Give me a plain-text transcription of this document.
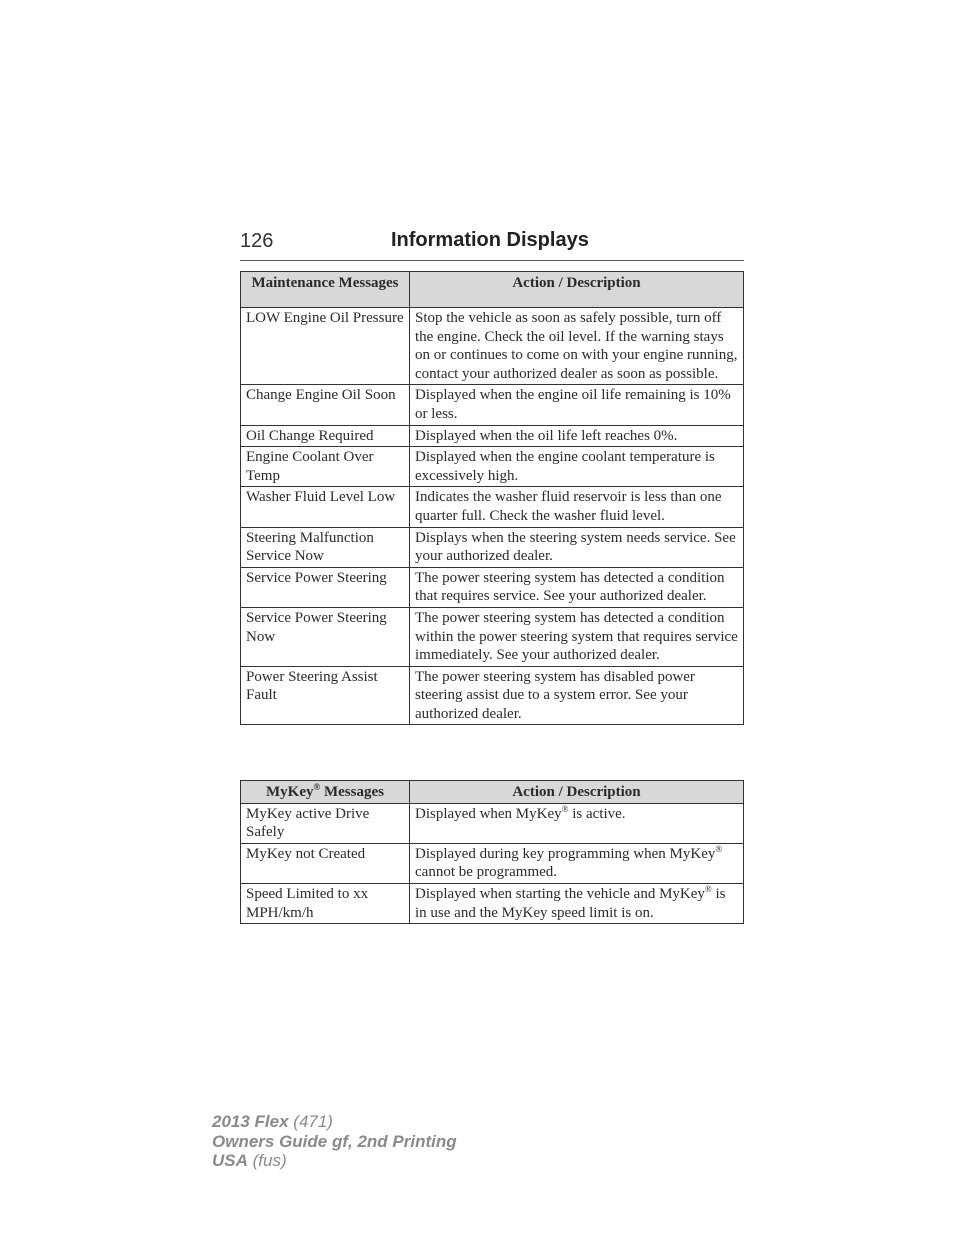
126	Information Displays
Maintenance Messages	Action / Description
LOW Engine Oil Pressure	Stop the vehicle as soon as safely possible, turn off the engine. Check the oil level. If the warning stays on or continues to come on with your engine running, contact your authorized dealer as soon as possible.
Change Engine Oil Soon	Displayed when the engine oil life remaining is 10% or less.
Oil Change Required	Displayed when the oil life left reaches 0%.
Engine Coolant Over Temp	Displayed when the engine coolant temperature is excessively high.
Washer Fluid Level Low	Indicates the washer fluid reservoir is less than one quarter full. Check the washer fluid level.
Steering Malfunction Service Now	Displays when the steering system needs service. See your authorized dealer.
Service Power Steering	The power steering system has detected a condition that requires service. See your authorized dealer.
Service Power Steering Now	The power steering system has detected a condition within the power steering system that requires service immediately. See your authorized dealer.
Power Steering Assist Fault	The power steering system has disabled power steering assist due to a system error. See your authorized dealer.
MyKey® Messages	Action / Description
MyKey active Drive Safely	Displayed when MyKey® is active.
MyKey not Created	Displayed during key programming when MyKey® cannot be programmed.
Speed Limited to xx MPH/km/h	Displayed when starting the vehicle and MyKey® is in use and the MyKey speed limit is on.
2013 Flex (471)
Owners Guide gf, 2nd Printing
USA (fus)
